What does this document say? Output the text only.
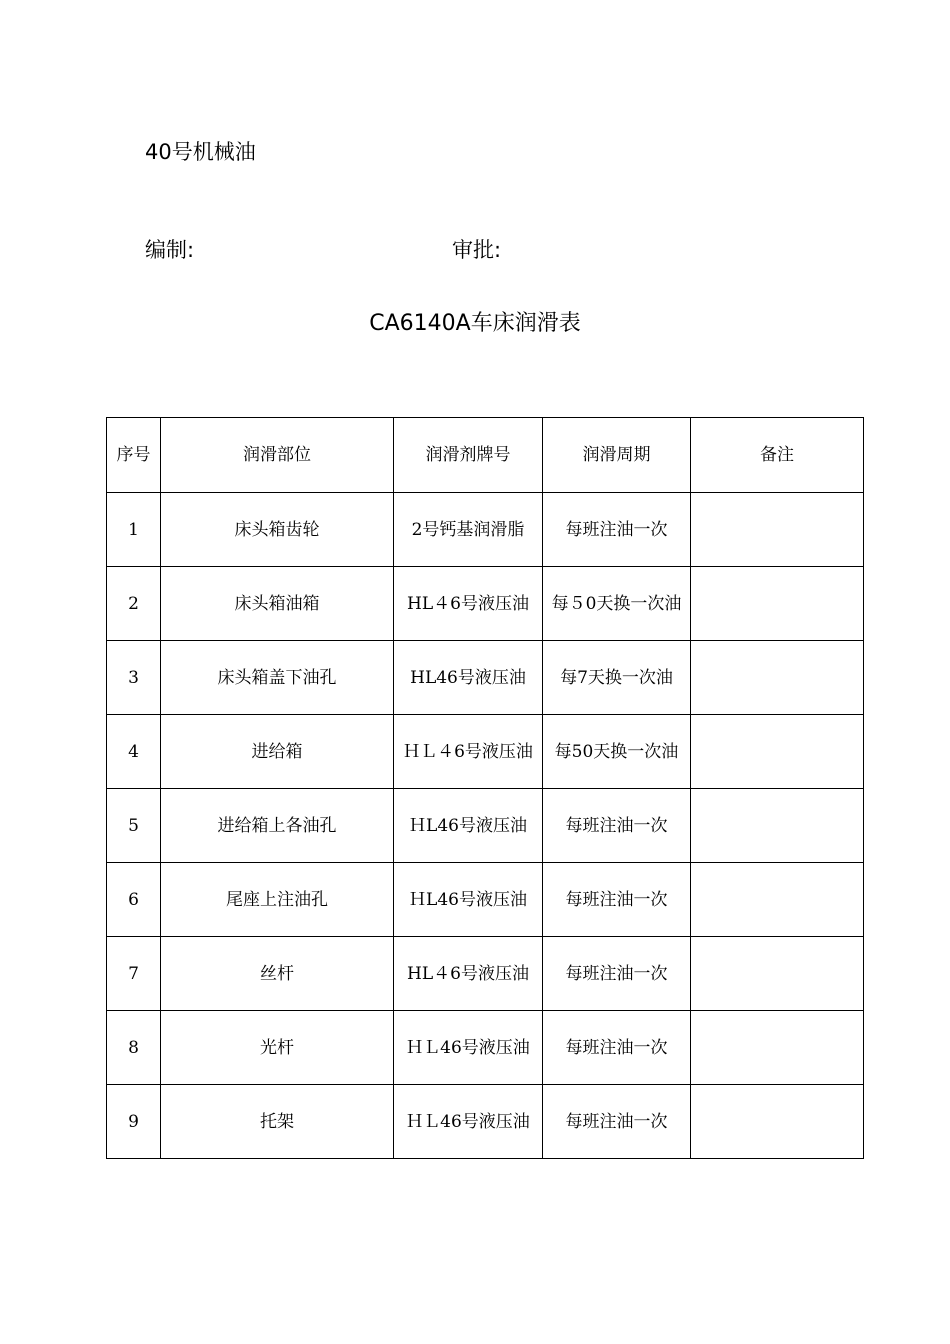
40号机械油
编制:	审批:
CA6140A车床润滑表
序号	润滑部位	润滑剂牌号	润滑周期	备注
1	床头箱齿轮	2号钙基润滑脂	每班注油一次	
2	床头箱油箱	HL４6号液压油	每５0天换一次油	
3	床头箱盖下油孔	HL46号液压油	每7天换一次油	
4	进给箱	ＨＬ４6号液压油	每50天换一次油	
5	进给箱上各油孔	ＨL46号液压油	每班注油一次	
6	尾座上注油孔	ＨL46号液压油	每班注油一次	
7	丝杆	HL４6号液压油	每班注油一次	
8	光杆	ＨＬ46号液压油	每班注油一次	
9	托架	ＨＬ46号液压油	每班注油一次	
